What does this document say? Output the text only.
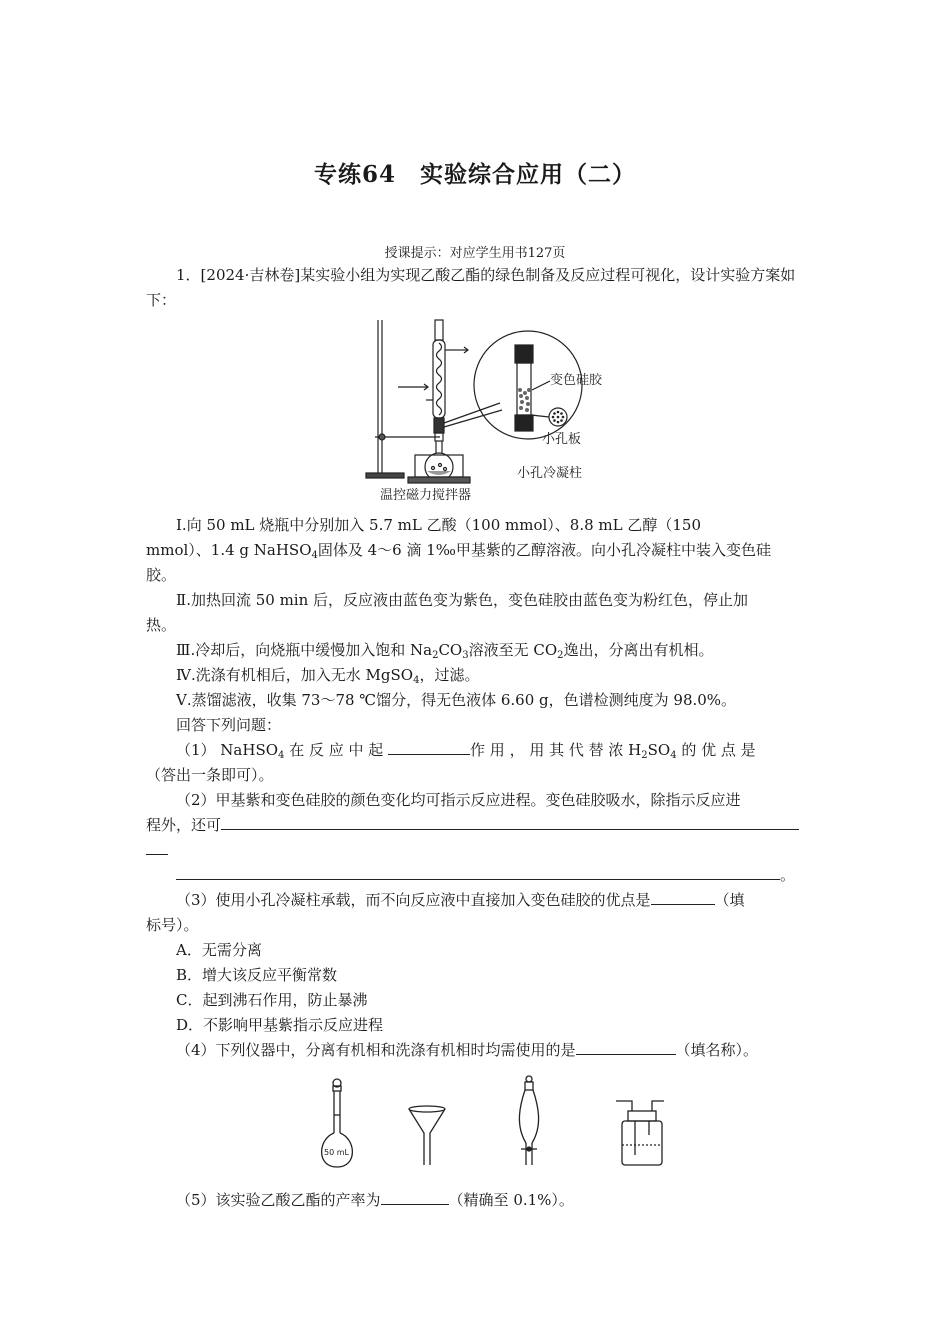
专练64　实验综合应用（二）
授课提示：对应学生用书127页
1．[2024·吉林卷]某实验小组为实现乙酸乙酯的绿色制备及反应过程可视化，设计实验方案如下：
变色硅胶
小孔板
小孔冷凝柱
温控磁力搅拌器
Ⅰ.向 50 mL 烧瓶中分别加入 5.7 mL 乙酸（100 mmol）、8.8 mL 乙醇（150
mmol）、1.4 g NaHSO$_4$固体及 4～6 滴 1‰甲基紫的乙醇溶液。向小孔冷凝柱中装入变色硅
胶。
Ⅱ.加热回流 50 min 后，反应液由蓝色变为紫色，变色硅胶由蓝色变为粉红色，停止加
热。
Ⅲ.冷却后，向烧瓶中缓慢加入饱和 $Na_2CO_3$溶液至无 $CO_2$逸出，分离出有机相。
Ⅳ.洗涤有机相后，加入无水 MgSO$_4$，过滤。
Ⅴ.蒸馏滤液，收集 73～78 ℃馏分，得无色液体 6.60 g，色谱检测纯度为 98.0%。
回答下列问题：
（1） NaHSO$_4$ 在 反 应 中 起	作 用 ， 用 其 代 替 浓 $H_2SO_4$ 的 优 点 是
（答出一条即可）。
（2）甲基紫和变色硅胶的颜色变化均可指示反应进程。变色硅胶吸水，除指示反应进
程外，还可
。
（3）使用小孔冷凝柱承载，而不向反应液中直接加入变色硅胶的优点是	（填
标号）。
A．无需分离
B．增大该反应平衡常数
C．起到沸石作用，防止暴沸
D．不影响甲基紫指示反应进程
（4）下列仪器中，分离有机相和洗涤有机相时均需使用的是	（填名称）。
50 mL
（5）该实验乙酸乙酯的产率为	（精确至 0.1%）。
